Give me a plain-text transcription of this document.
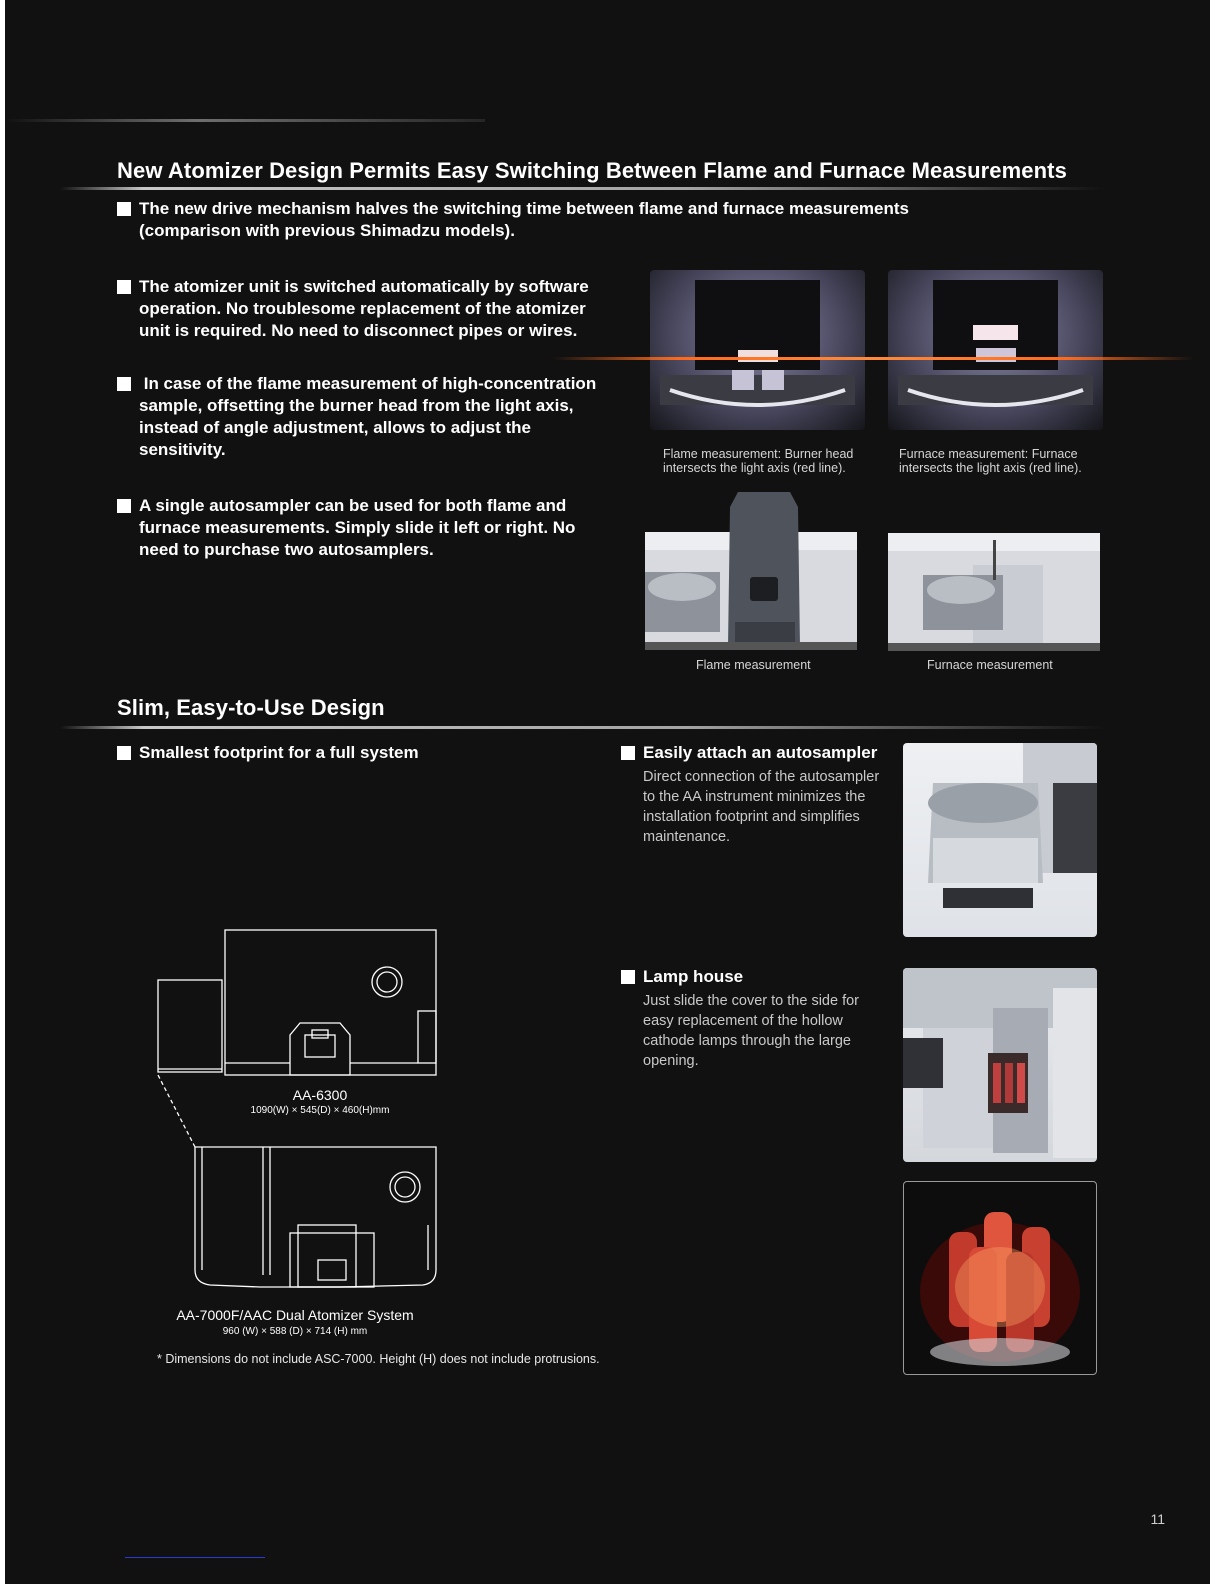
New Atomizer Design Permits Easy Switching Between Flame and Furnace Measurements
The new drive mechanism halves the switching time between flame and furnace measurements
(comparison with previous Shimadzu models).
The atomizer unit is switched automatically by software
operation. No troublesome replacement of the atomizer
unit is required. No need to disconnect pipes or wires.
In case of the flame measurement of high-concentration
sample, offsetting the burner head from the light axis,
instead of angle adjustment, allows to adjust the
sensitivity.
A single autosampler can be used for both flame and
furnace measurements. Simply slide it left or right. No
need to purchase two autosamplers.
Flame measurement: Burner head
intersects the light axis (red line).
Furnace measurement: Furnace
intersects the light axis (red line).
Flame measurement	Furnace measurement
Slim, Easy-to-Use Design
Smallest footprint for a full system
AA-6300
1090(W) × 545(D) × 460(H)mm
AA-7000F/AAC Dual Atomizer System
960 (W) × 588 (D) × 714 (H) mm
* Dimensions do not include ASC-7000. Height (H) does not include protrusions.
Easily attach an autosampler
Direct connection of the autosampler
to the AA instrument minimizes the
installation footprint and simplifies
maintenance.
Lamp house
Just slide the cover to the side for
easy replacement of the hollow
cathode lamps through the large
opening.
11
